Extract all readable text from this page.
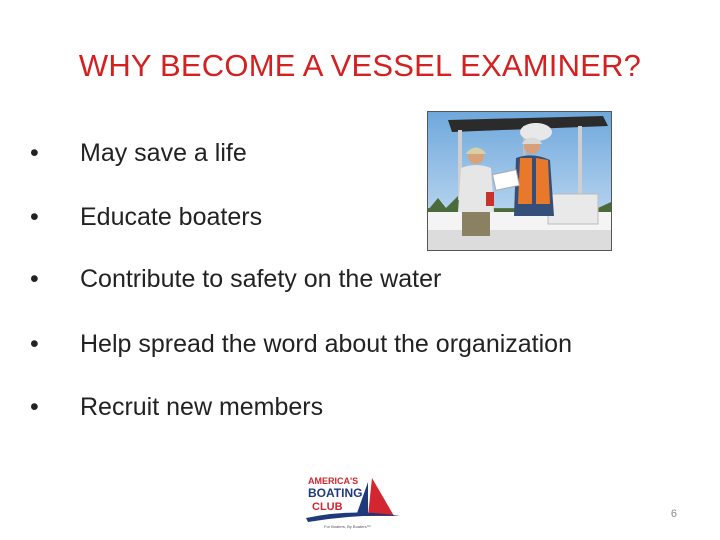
WHY BECOME A VESSEL EXAMINER?
• May save a life
• Educate boaters
• Contribute to safety on the water
• Help spread the word about the organization
• Recruit new members
AMERICA'S
BOATING
CLUB
For Boaters, By Boaters™
6
